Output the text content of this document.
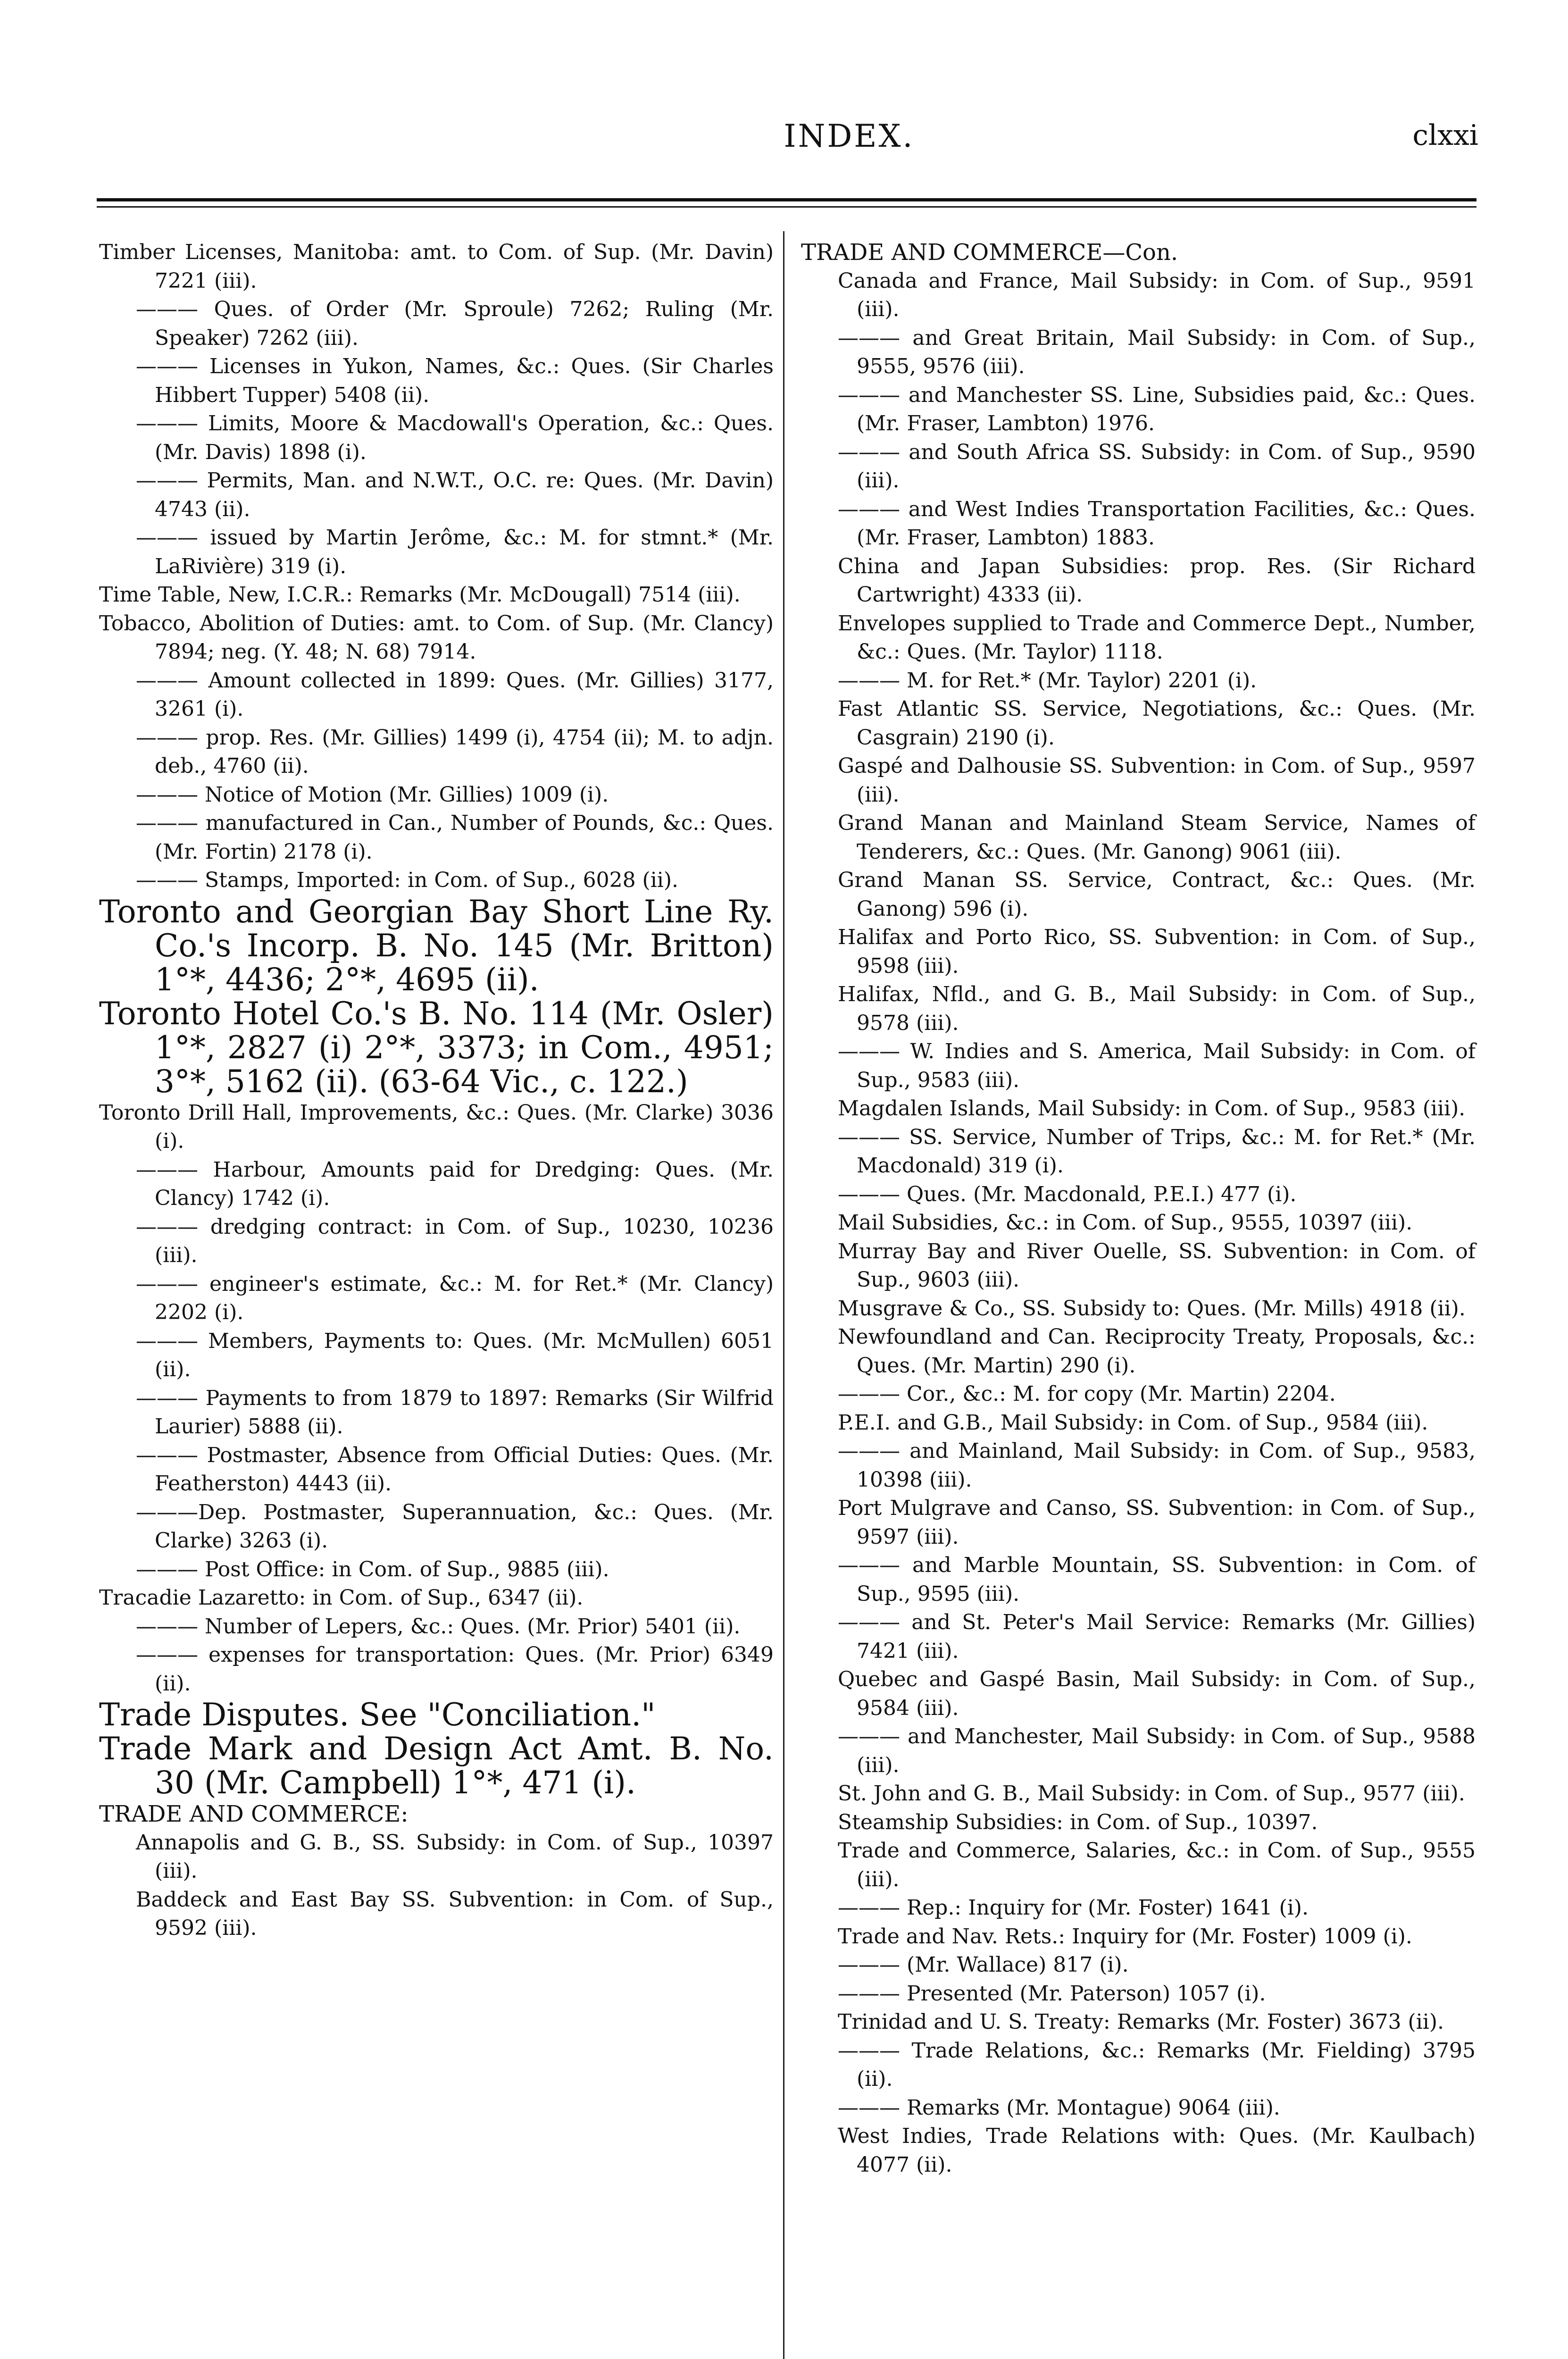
INDEX.	clxxi

Timber Licenses, Manitoba: amt. to Com. of Sup. (Mr. Davin) 7221 (iii).

——— Ques. of Order (Mr. Sproule) 7262; Ruling (Mr. Speaker) 7262 (iii).

——— Licenses in Yukon, Names, &c.: Ques. (Sir Charles Hibbert Tupper) 5408 (ii).

——— Limits, Moore & Macdowall's Operation, &c.: Ques. (Mr. Davis) 1898 (i).

——— Permits, Man. and N.W.T., O.C. re: Ques. (Mr. Davin) 4743 (ii).

——— issued by Martin Jerôme, &c.: M. for stmnt.* (Mr. LaRivière) 319 (i).

Time Table, New, I.C.R.: Remarks (Mr. McDougall) 7514 (iii).

Tobacco, Abolition of Duties: amt. to Com. of Sup. (Mr. Clancy) 7894; neg. (Y. 48; N. 68) 7914.

——— Amount collected in 1899: Ques. (Mr. Gillies) 3177, 3261 (i).

——— prop. Res. (Mr. Gillies) 1499 (i), 4754 (ii); M. to adjn. deb., 4760 (ii).

——— Notice of Motion (Mr. Gillies) 1009 (i).

——— manufactured in Can., Number of Pounds, &c.: Ques. (Mr. Fortin) 2178 (i).

——— Stamps, Imported: in Com. of Sup., 6028 (ii).

Toronto and Georgian Bay Short Line Ry. Co.'s Incorp. B. No. 145 (Mr. Britton) 1°*, 4436; 2°*, 4695 (ii).

Toronto Hotel Co.'s B. No. 114 (Mr. Osler) 1°*, 2827 (i) 2°*, 3373; in Com., 4951; 3°*, 5162 (ii). (63-64 Vic., c. 122.)

Toronto Drill Hall, Improvements, &c.: Ques. (Mr. Clarke) 3036 (i).

——— Harbour, Amounts paid for Dredging: Ques. (Mr. Clancy) 1742 (i).

——— dredging contract: in Com. of Sup., 10230, 10236 (iii).

——— engineer's estimate, &c.: M. for Ret.* (Mr. Clancy) 2202 (i).

——— Members, Payments to: Ques. (Mr. McMullen) 6051 (ii).

——— Payments to from 1879 to 1897: Remarks (Sir Wilfrid Laurier) 5888 (ii).

——— Postmaster, Absence from Official Duties: Ques. (Mr. Featherston) 4443 (ii).

———Dep. Postmaster, Superannuation, &c.: Ques. (Mr. Clarke) 3263 (i).

——— Post Office: in Com. of Sup., 9885 (iii).

Tracadie Lazaretto: in Com. of Sup., 6347 (ii).

——— Number of Lepers, &c.: Ques. (Mr. Prior) 5401 (ii).

——— expenses for transportation: Ques. (Mr. Prior) 6349 (ii).

Trade Disputes. See "Conciliation."

Trade Mark and Design Act Amt. B. No. 30 (Mr. Campbell) 1°*, 471 (i).

TRADE AND COMMERCE:

Annapolis and G. B., SS. Subsidy: in Com. of Sup., 10397 (iii).

Baddeck and East Bay SS. Subvention: in Com. of Sup., 9592 (iii).

TRADE AND COMMERCE—Con.

Canada and France, Mail Subsidy: in Com. of Sup., 9591 (iii).

——— and Great Britain, Mail Subsidy: in Com. of Sup., 9555, 9576 (iii).

——— and Manchester SS. Line, Subsidies paid, &c.: Ques. (Mr. Fraser, Lambton) 1976.

——— and South Africa SS. Subsidy: in Com. of Sup., 9590 (iii).

——— and West Indies Transportation Facilities, &c.: Ques. (Mr. Fraser, Lambton) 1883.

China and Japan Subsidies: prop. Res. (Sir Richard Cartwright) 4333 (ii).

Envelopes supplied to Trade and Commerce Dept., Number, &c.: Ques. (Mr. Taylor) 1118.

——— M. for Ret.* (Mr. Taylor) 2201 (i).

Fast Atlantic SS. Service, Negotiations, &c.: Ques. (Mr. Casgrain) 2190 (i).

Gaspé and Dalhousie SS. Subvention: in Com. of Sup., 9597 (iii).

Grand Manan and Mainland Steam Service, Names of Tenderers, &c.: Ques. (Mr. Ganong) 9061 (iii).

Grand Manan SS. Service, Contract, &c.: Ques. (Mr. Ganong) 596 (i).

Halifax and Porto Rico, SS. Subvention: in Com. of Sup., 9598 (iii).

Halifax, Nfld., and G. B., Mail Subsidy: in Com. of Sup., 9578 (iii).

——— W. Indies and S. America, Mail Subsidy: in Com. of Sup., 9583 (iii).

Magdalen Islands, Mail Subsidy: in Com. of Sup., 9583 (iii).

——— SS. Service, Number of Trips, &c.: M. for Ret.* (Mr. Macdonald) 319 (i).

——— Ques. (Mr. Macdonald, P.E.I.) 477 (i).

Mail Subsidies, &c.: in Com. of Sup., 9555, 10397 (iii).

Murray Bay and River Ouelle, SS. Subvention: in Com. of Sup., 9603 (iii).

Musgrave & Co., SS. Subsidy to: Ques. (Mr. Mills) 4918 (ii).

Newfoundland and Can. Reciprocity Treaty, Proposals, &c.: Ques. (Mr. Martin) 290 (i).

——— Cor., &c.: M. for copy (Mr. Martin) 2204.

P.E.I. and G.B., Mail Subsidy: in Com. of Sup., 9584 (iii).

——— and Mainland, Mail Subsidy: in Com. of Sup., 9583, 10398 (iii).

Port Mulgrave and Canso, SS. Subvention: in Com. of Sup., 9597 (iii).

——— and Marble Mountain, SS. Subvention: in Com. of Sup., 9595 (iii).

——— and St. Peter's Mail Service: Remarks (Mr. Gillies) 7421 (iii).

Quebec and Gaspé Basin, Mail Subsidy: in Com. of Sup., 9584 (iii).

——— and Manchester, Mail Subsidy: in Com. of Sup., 9588 (iii).

St. John and G. B., Mail Subsidy: in Com. of Sup., 9577 (iii).

Steamship Subsidies: in Com. of Sup., 10397.

Trade and Commerce, Salaries, &c.: in Com. of Sup., 9555 (iii).

——— Rep.: Inquiry for (Mr. Foster) 1641 (i).

Trade and Nav. Rets.: Inquiry for (Mr. Foster) 1009 (i).

——— (Mr. Wallace) 817 (i).

——— Presented (Mr. Paterson) 1057 (i).

Trinidad and U. S. Treaty: Remarks (Mr. Foster) 3673 (ii).

——— Trade Relations, &c.: Remarks (Mr. Fielding) 3795 (ii).

——— Remarks (Mr. Montague) 9064 (iii).

West Indies, Trade Relations with: Ques. (Mr. Kaulbach) 4077 (ii).
